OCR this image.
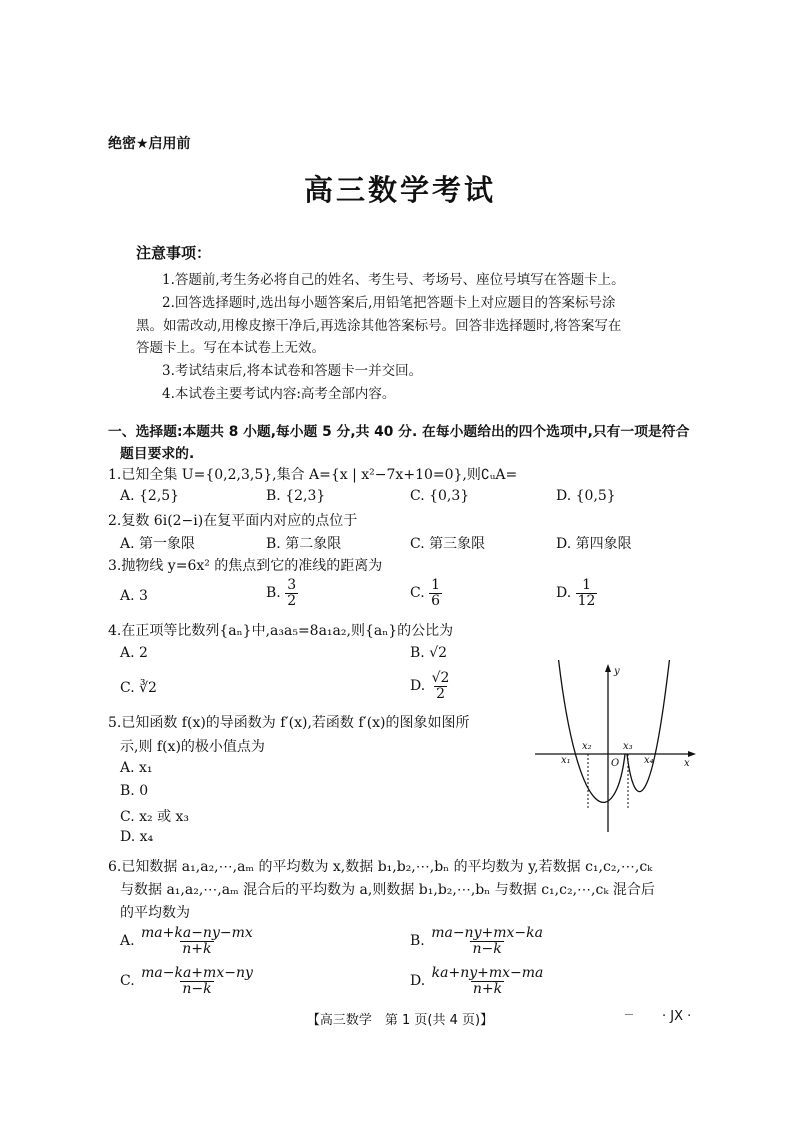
绝密★启用前
高三数学考试
注意事项：
1.答题前,考生务必将自己的姓名、考生号、考场号、座位号填写在答题卡上。
2.回答选择题时,选出每小题答案后,用铅笔把答题卡上对应题目的答案标号涂
黑。如需改动,用橡皮擦干净后,再选涂其他答案标号。回答非选择题时,将答案写在
答题卡上。写在本试卷上无效。
3.考试结束后,将本试卷和答题卡一并交回。
4.本试卷主要考试内容:高考全部内容。
一、选择题:本题共 8 小题,每小题 5 分,共 40 分. 在每小题给出的四个选项中,只有一项是符合
题目要求的.
1.已知全集 U={0,2,3,5},集合 A={x | x²−7x+10=0},则∁ᵤA=
A. {2,5}	B. {2,3}	C. {0,3}	D. {0,5}
2.复数 6i(2−i)在复平面内对应的点位于
A. 第一象限	B. 第二象限	C. 第三象限	D. 第四象限
3.抛物线 y=6x² 的焦点到它的准线的距离为
A. 3	B. $\frac{3}{2}$	C. $\frac{1}{6}$	D. $\frac{1}{12}$
4.在正项等比数列{aₙ}中,a₃a₅=8a₁a₂,则{aₙ}的公比为
A. 2	B. √2
C. ∛2	D. $\frac{√2}{2}$
5.已知函数 f(x)的导函数为 f′(x),若函数 f′(x)的图象如图所
示,则 f(x)的极小值点为
A. x₁
B. 0
C. x₂ 或 x₃
D. x₄
y
x
O
x₁
x₂	x₃
x₄
6.已知数据 a₁,a₂,⋯,aₘ 的平均数为 x,数据 b₁,b₂,⋯,bₙ 的平均数为 y,若数据 c₁,c₂,⋯,cₖ
与数据 a₁,a₂,⋯,aₘ 混合后的平均数为 a,则数据 b₁,b₂,⋯,bₙ 与数据 c₁,c₂,⋯,cₖ 混合后
的平均数为
A. $\frac{ma+ka-ny-mx}{n+k}$	B. $\frac{ma-ny+mx-ka}{n-k}$
C. $\frac{ma-ka+mx-ny}{n-k}$	D. $\frac{ka+ny+mx-ma}{n+k}$
【高三数学　第 1 页(共 4 页)】	· JX ·
